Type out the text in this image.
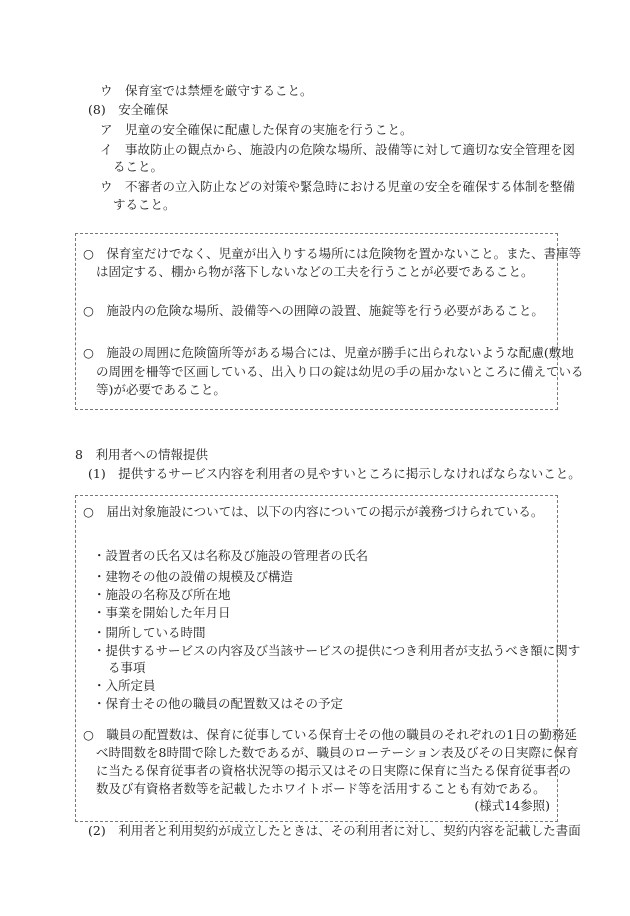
ウ　保育室では禁煙を厳守すること。
(8)　安全確保
ア　児童の安全確保に配慮した保育の実施を行うこと。
イ　事故防止の観点から、施設内の危険な場所、設備等に対して適切な安全管理を図
ること。
ウ　不審者の立入防止などの対策や緊急時における児童の安全を確保する体制を整備
すること。
○　保育室だけでなく、児童が出入りする場所には危険物を置かないこと。また、書庫等
は固定する、棚から物が落下しないなどの工夫を行うことが必要であること。
○　施設内の危険な場所、設備等への囲障の設置、施錠等を行う必要があること。
○　施設の周囲に危険箇所等がある場合には、児童が勝手に出られないような配慮(敷地
の周囲を柵等で区画している、出入り口の錠は幼児の手の届かないところに備えている
等)が必要であること。
8　利用者への情報提供
(1)　提供するサービス内容を利用者の見やすいところに掲示しなければならないこと。
○　届出対象施設については、以下の内容についての掲示が義務づけられている。
・設置者の氏名又は名称及び施設の管理者の氏名
・建物その他の設備の規模及び構造
・施設の名称及び所在地
・事業を開始した年月日
・開所している時間
・提供するサービスの内容及び当該サービスの提供につき利用者が支払うべき額に関す
る事項
・入所定員
・保育士その他の職員の配置数又はその予定
○　職員の配置数は、保育に従事している保育士その他の職員のそれぞれの1日の勤務延
べ時間数を8時間で除した数であるが、職員のローテーション表及びその日実際に保育
に当たる保育従事者の資格状況等の掲示又はその日実際に保育に当たる保育従事者の
数及び有資格者数等を記載したホワイトボード等を活用することも有効である。
(様式14参照)
(2)　利用者と利用契約が成立したときは、その利用者に対し、契約内容を記載した書面
